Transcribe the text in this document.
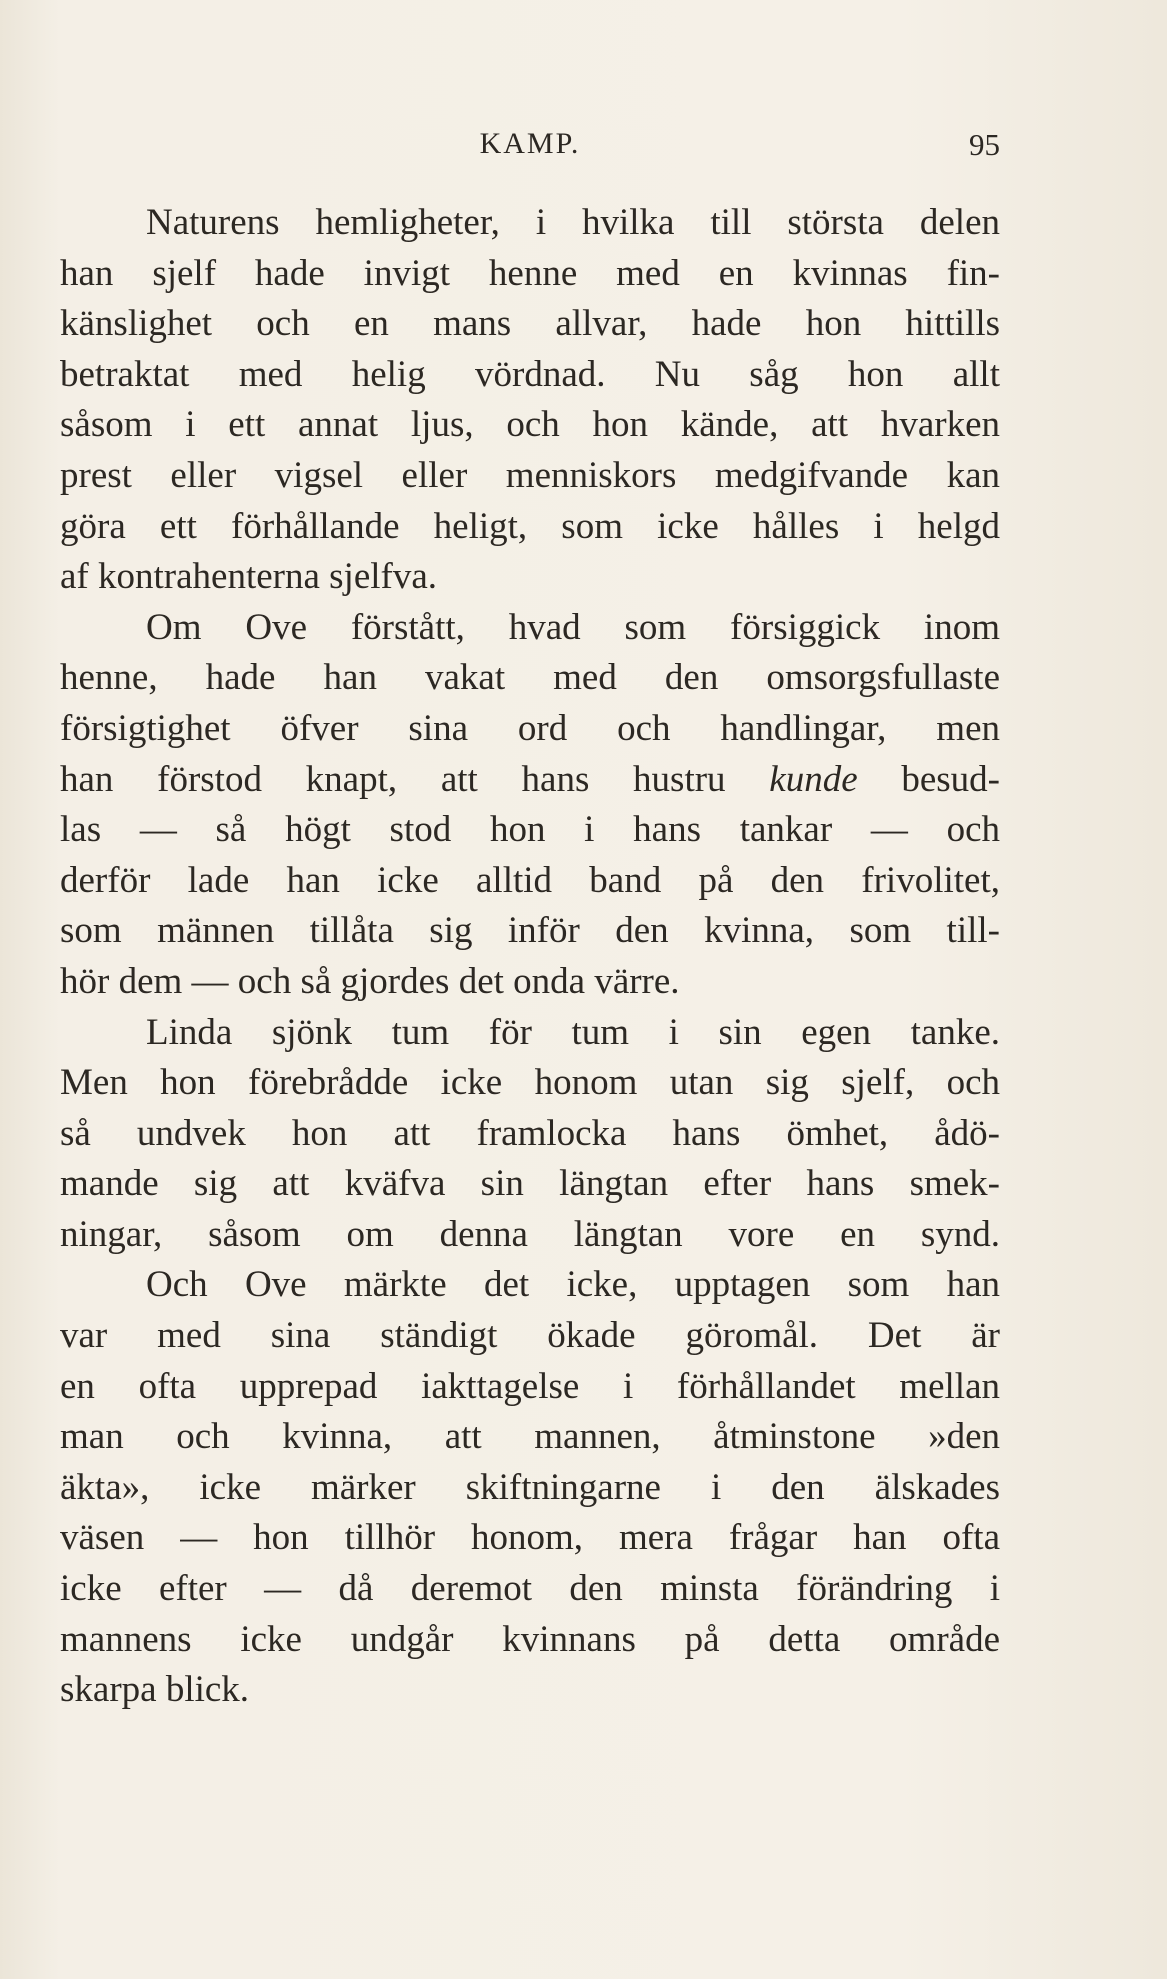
KAMP.	95
Naturens hemligheter, i hvilka till största delen
han sjelf hade invigt henne med en kvinnas fin-
känslighet och en mans allvar, hade hon hittills
betraktat med helig vördnad. Nu såg hon allt
såsom i ett annat ljus, och hon kände, att hvarken
prest eller vigsel eller menniskors medgifvande kan
göra ett förhållande heligt, som icke hålles i helgd
af kontrahenterna sjelfva.
Om Ove förstått, hvad som försiggick inom
henne, hade han vakat med den omsorgsfullaste
försigtighet öfver sina ord och handlingar, men
han förstod knapt, att hans hustru kunde besud-
las — så högt stod hon i hans tankar — och
derför lade han icke alltid band på den frivolitet,
som männen tillåta sig inför den kvinna, som till-
hör dem — och så gjordes det onda värre.
Linda sjönk tum för tum i sin egen tanke.
Men hon förebrådde icke honom utan sig sjelf, och
så undvek hon att framlocka hans ömhet, ådö-
mande sig att kväfva sin längtan efter hans smek-
ningar, såsom om denna längtan vore en synd.
Och Ove märkte det icke, upptagen som han
var med sina ständigt ökade göromål. Det är
en ofta upprepad iakttagelse i förhållandet mellan
man och kvinna, att mannen, åtminstone »den
äkta», icke märker skiftningarne i den älskades
väsen — hon tillhör honom, mera frågar han ofta
icke efter — då deremot den minsta förändring i
mannens icke undgår kvinnans på detta område
skarpa blick.
